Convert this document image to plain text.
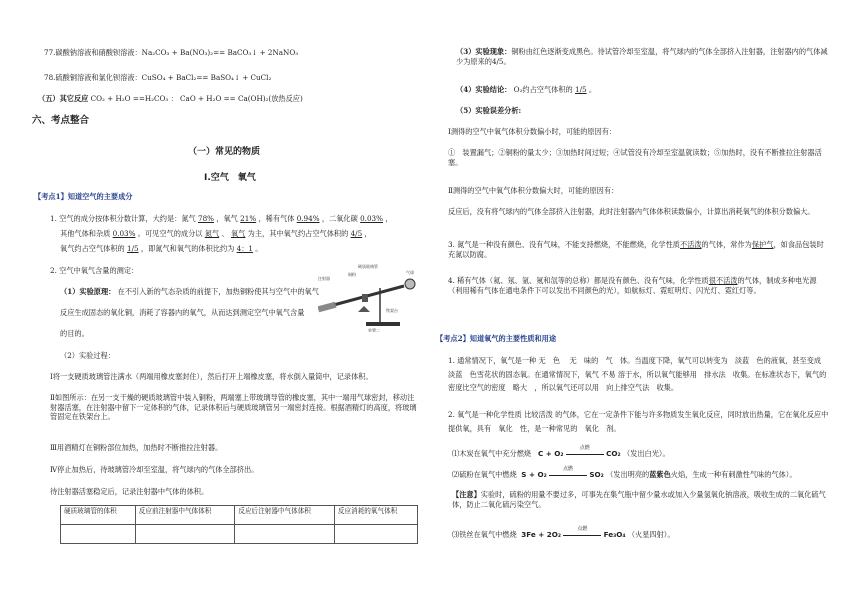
77.碳酸钠溶液和硝酸钡溶液：Na₂CO₃ + Ba(NO₃)₂== BaCO₃↓ + 2NaNO₃
78.硫酸铜溶液和氯化钡溶液：CuSO₄ + BaCl₂== BaSO₄↓ + CuCl₂
（五）其它反应 CO₂ + H₂O ==H₂CO₃ ： CaO + H₂O == Ca(OH)₂(放热反应)
六、考点整合
（一）常见的物质
Ⅰ.空气　氧气
【考点1】知道空气的主要成分
1. 空气的成分按体积分数计算，大约是：氮气 78% ，氧气 21% ，稀有气体 0.94% ，二氧化碳 0.03% ，
其他气体和杂质 0.03% 。可见空气的成分以 氮气 、 氧气 为主，其中氧气约占空气体积的 4/5 ，
氧气约占空气体积的 1/5 ，即氮气和氧气的体积比约为 4：1 。
2. 空气中氧气含量的测定：
（1）实验原理： 在不引入新的气态杂质的前提下，加热铜粉使其与空气中的氧气
反应生成固态的氧化铜，消耗了容器内的氧气，从而达到测定空气中氧气含量
的目的。
硬质玻璃管
注射器
铜粉	气球
铁架台
装置二
（2）实验过程：
Ⅰ将一支硬质玻璃管注满水（两端用橡皮塞封住），然后打开上端橡皮塞，将水倒入量筒中，记录体积。
Ⅱ如图所示：在另一支干燥的硬质玻璃管中装入铜粉，两端塞上带玻璃导管的橡皮塞，其中一端用气球密封，移动注射器活塞，在注射器中留下一定体积的气体，记录体积后与硬质玻璃管另一端密封连接。根据酒精灯的高度，将玻璃管固定在铁架台上。
Ⅲ用酒精灯在铜粉部位加热，加热时不断推拉注射器。
Ⅳ停止加热后，待玻璃管冷却至室温，将气球内的气体全部挤出。
待注射器活塞稳定后，记录注射器中气体的体积。
硬质玻璃管的体积	反应前注射器中气体体积	反应后注射器中气体体积	反应消耗的氧气体积

（3）实验现象：铜粉由红色逐渐变成黑色。待试管冷却至室温，将气球内的气体全部挤入注射器，注射器内的气体减少为原来的4/5。
（4）实验结论： O₂约占空气体积的 1/5 。
（5）实验误差分析:
Ⅰ测得的空气中氧气体积分数偏小时，可能的原因有：
①　装置漏气；②铜粉的量太少；③加热时间过短；④试管没有冷却至室温就读数；⑤加热时，没有不断推拉注射器活塞。
Ⅱ测得的空气中氧气体积分数偏大时，可能的原因有：
反应后，没有将气球内的气体全部挤入注射器，此时注射器内气体体积读数偏小，计算出消耗氧气的体积分数偏大。
3. 氮气是一种没有颜色、没有气味，不能支持燃烧，不能燃烧，化学性质不活泼的气体，常作为保护气，如食品包装时充氮以防腐。
4. 稀有气体（氦、氖、氩、氪和氙等的总称）都是没有颜色、没有气味，化学性质很不活泼的气体，制成多种电光源（利用稀有气体在通电条件下可以发出不同颜色的光），如航标灯、霓虹明灯、闪光灯、霓红灯等。
【考点2】知道氧气的主要性质和用途
1. 通常情况下，氧气是一种 无　色　 无　味的　气　体。当温度下降，氧气可以转变为　淡蓝　色的液氧，甚至变成　淡蓝　色雪花状的固态氧。在通常情况下，氧气 不易 溶于水，所以氧气能够用　排水法　收集。在标准状态下，氧气的密度比空气的密度　略大　，所以氧气还可以用　向上排空气法　收集。
2. 氧气是一种化学性质 比较活泼 的气体，它在一定条件下能与许多物质发生氧化反应，同时放出热量，它在氧化反应中提供氧，具有　氧化　性，是一种常见的　氧化　剂。
⑴木炭在氧气中充分燃烧 C + O₂
点燃
CO₂ （发出白光）。
⑵硫粉在氧气中燃烧 S + O₂
点燃
SO₂ （发出明亮的蓝紫色火焰，生成一种有刺激性气味的气体）。
【注意】实验时，硫粉的用量不要过多，可事先在集气瓶中留少量水或加入少量氢氧化钠溶液，吸收生成的二氧化硫气体，防止二氧化硫污染空气。
⑶铁丝在氧气中燃烧 3Fe + 2O₂
点燃
Fe₃O₄ （火星四射）。
